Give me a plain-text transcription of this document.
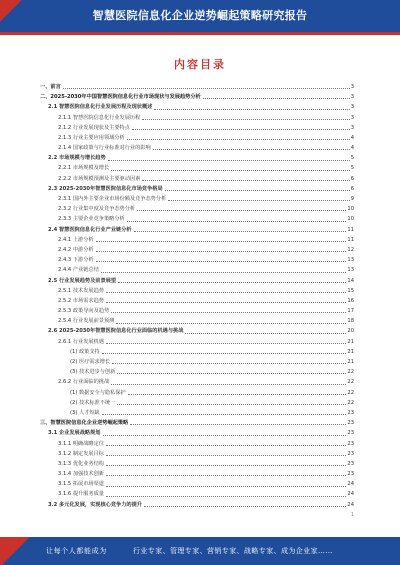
智慧医院信息化企业逆势崛起策略研究报告
内容目录
一、前言	3
二、2025-2030年中国智慧医院信息化行业市场现状与发展趋势分析	3
2.1 智慧医院信息化行业发展历程及现状概述	3
2.1.1 智慧医院信息化行业发展历程	3
2.1.2 行业发展现状及主要特点	3
2.1.3 行业主要应用领域分析	4
2.1.4 国家政策与行业标准对行业的影响	4
2.2 市场规模与增长趋势	5
2.2.1 市场规模及增长	5
2.2.2 市场规模预测及主要驱动因素	6
2.3 2025-2030年智慧医院信息化市场竞争格局	6
2.3.1 国内外主要企业市场份额及竞争态势分析	9
2.3.2 行业集中度及竞争态势分析	10
2.3.3 主要企业竞争策略分析	10
2.4 智慧医院信息化行业产业链分析	11
2.4.1 上游分析	11
2.4.2 中游分析	12
2.4.3 下游分析	13
2.4.4 产业链总结	13
2.5 行业发展趋势及前景展望	14
2.5.1 技术发展趋势	15
2.5.2 市场需求趋势	16
2.5.3 政策导向及趋势	17
2.5.4 行业发展前景预测	18
2.6 2025-2030年智慧医院信息化行业面临的机遇与挑战	20
2.6.1 行业发展机遇	21
(1) 政策支持	21
(2) 医疗需求增长	21
(3) 技术进步与创新	22
2.6.2 行业面临的挑战	22
(1) 数据安全与隐私保护	22
(2) 技术标准不统一	22
(3) 人才短缺	23
三、智慧医院信息化企业逆势崛起策略	23
3.1 企业发展战略规划	23
3.1.1 明确战略定位	23
3.1.2 制定发展目标	23
3.1.3 优化业务结构	23
3.1.4 加强技术创新	23
3.1.5 拓展市场渠道	24
3.1.6 提升服务质量	24
3.2 多元化发展，实现核心竞争力的提升	24
1
让每个人都能成为	行业专家、管理专家、营销专家、战略专家、成为企业家……
